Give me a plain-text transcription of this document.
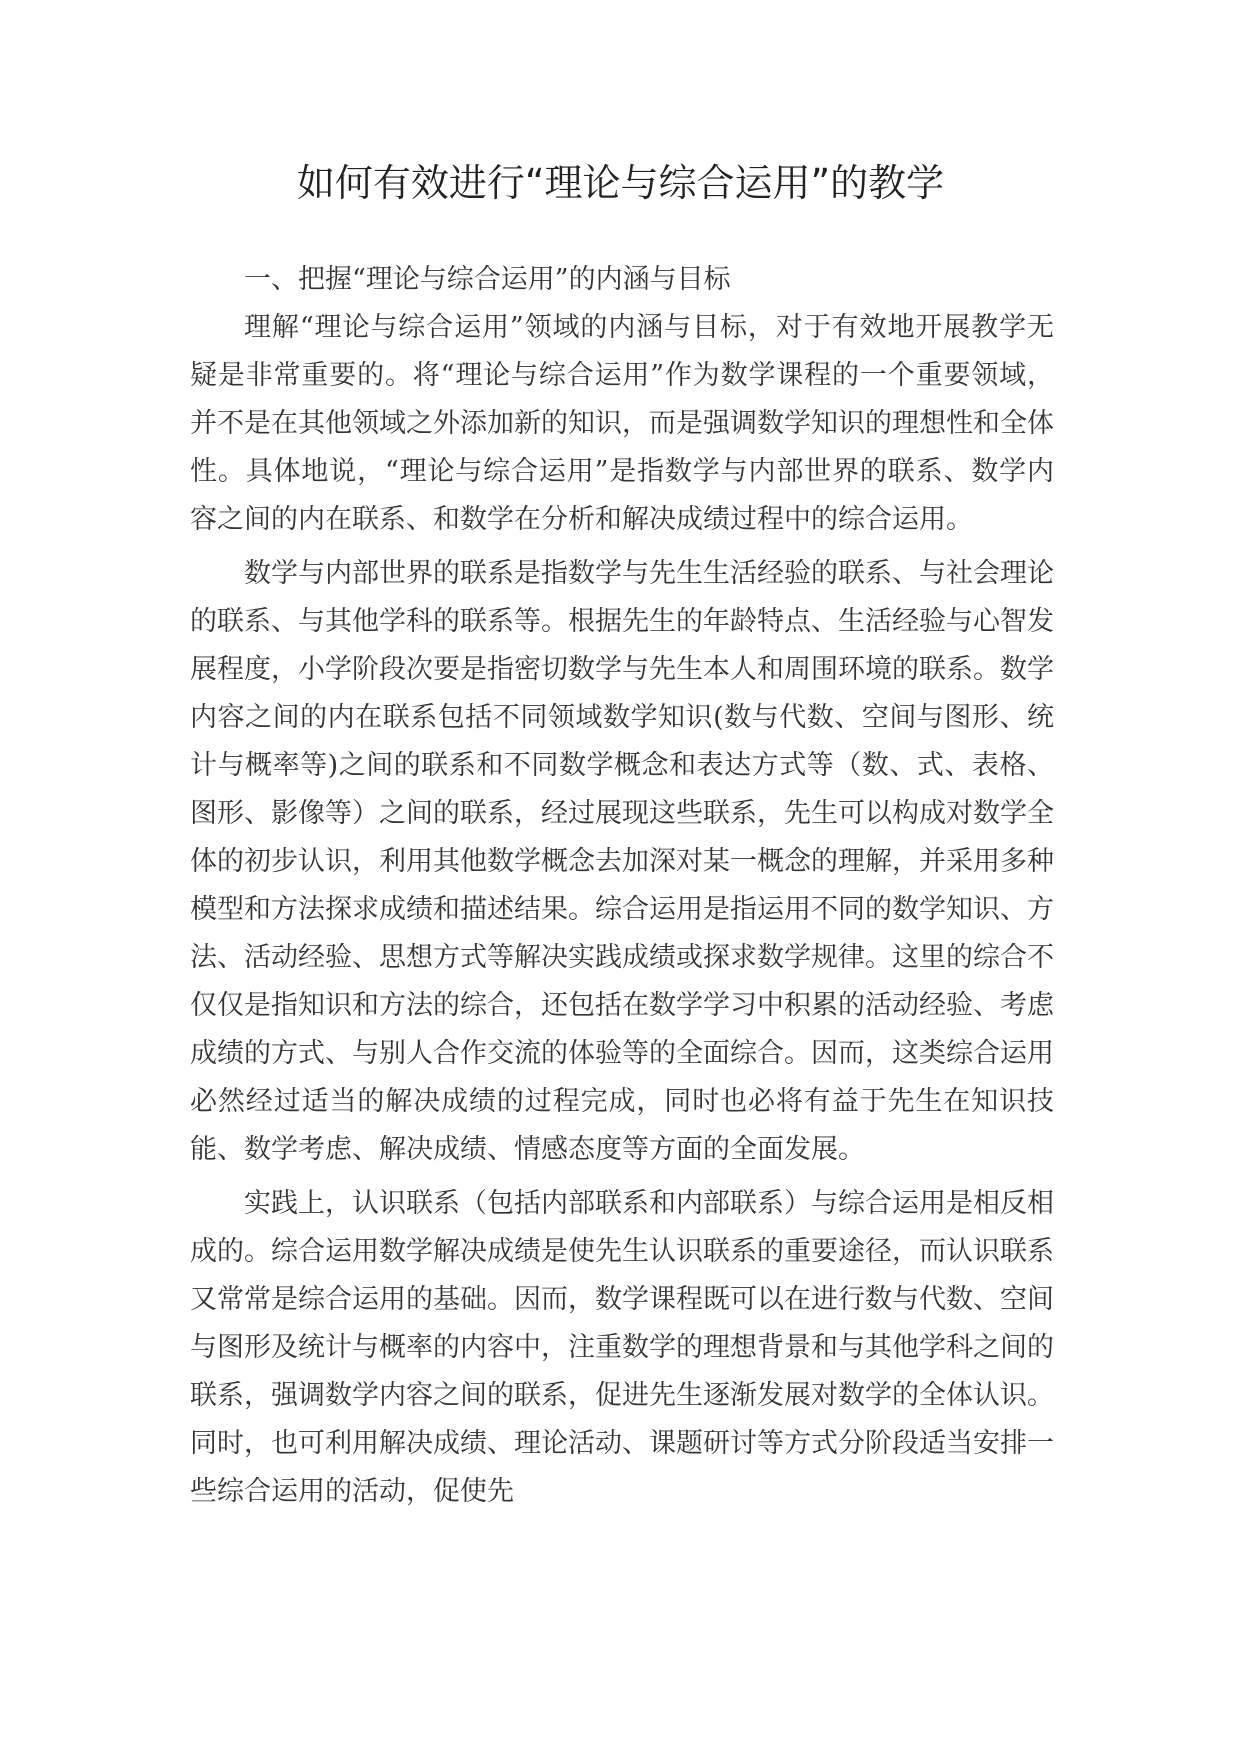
如何有效进行“理论与综合运用”的教学

一、把握“理论与综合运用”的内涵与目标

理解“理论与综合运用”领域的内涵与目标，对于有效地开展教学无疑是非常重要的。将“理论与综合运用”作为数学课程的一个重要领域，并不是在其他领域之外添加新的知识，而是强调数学知识的理想性和全体性。具体地说，“理论与综合运用”是指数学与内部世界的联系、数学内容之间的内在联系、和数学在分析和解决成绩过程中的综合运用。

数学与内部世界的联系是指数学与先生生活经验的联系、与社会理论的联系、与其他学科的联系等。根据先生的年龄特点、生活经验与心智发展程度，小学阶段次要是指密切数学与先生本人和周围环境的联系。数学内容之间的内在联系包括不同领域数学知识(数与代数、空间与图形、统计与概率等)之间的联系和不同数学概念和表达方式等（数、式、表格、图形、影像等）之间的联系，经过展现这些联系，先生可以构成对数学全体的初步认识，利用其他数学概念去加深对某一概念的理解，并采用多种模型和方法探求成绩和描述结果。综合运用是指运用不同的数学知识、方法、活动经验、思想方式等解决实践成绩或探求数学规律。这里的综合不仅仅是指知识和方法的综合，还包括在数学学习中积累的活动经验、考虑成绩的方式、与别人合作交流的体验等的全面综合。因而，这类综合运用必然经过适当的解决成绩的过程完成，同时也必将有益于先生在知识技能、数学考虑、解决成绩、情感态度等方面的全面发展。

实践上，认识联系（包括内部联系和内部联系）与综合运用是相反相成的。综合运用数学解决成绩是使先生认识联系的重要途径，而认识联系又常常是综合运用的基础。因而，数学课程既可以在进行数与代数、空间与图形及统计与概率的内容中，注重数学的理想背景和与其他学科之间的联系，强调数学内容之间的联系，促进先生逐渐发展对数学的全体认识。同时，也可利用解决成绩、理论活动、课题研讨等方式分阶段适当安排一些综合运用的活动，促使先
